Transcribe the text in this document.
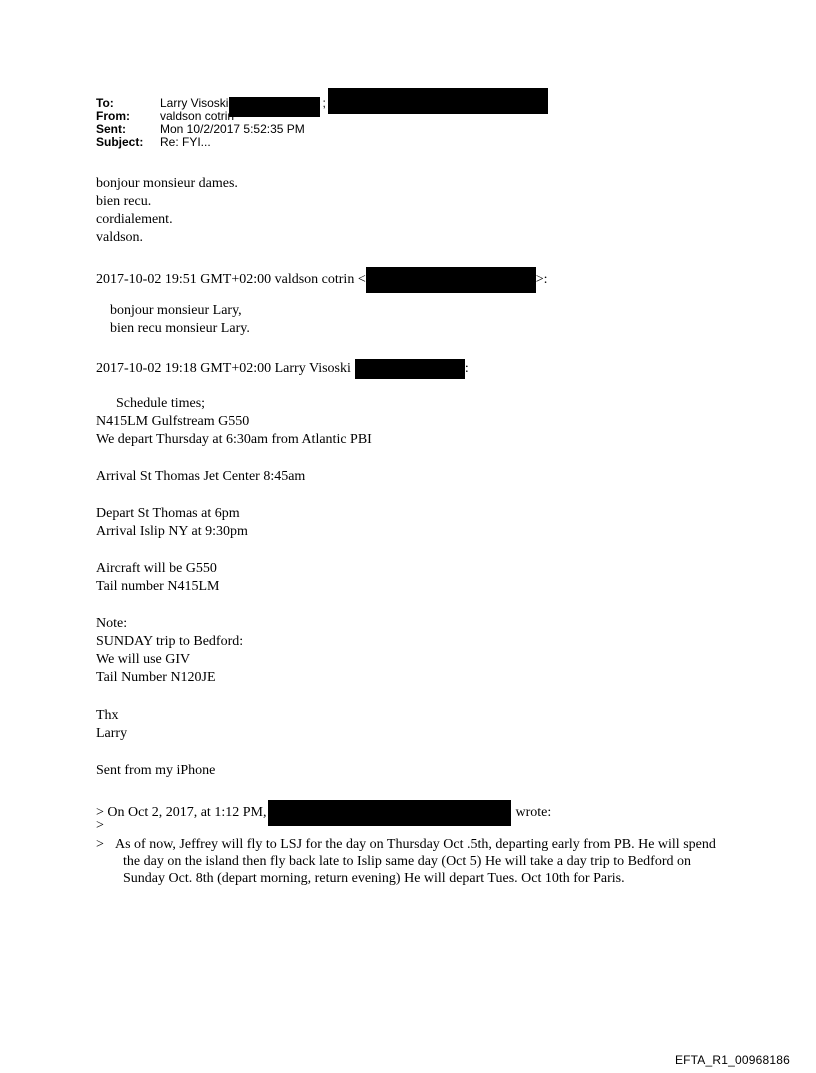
To:	Larry Visoski	;
From:	valdson cotrin
Sent:	Mon 10/2/2017 5:52:35 PM
Subject:	Re: FYI...
bonjour monsieur dames.
bien recu.
cordialement.
valdson.
2017-10-02 19:51 GMT+02:00 valdson cotrin <	>:
bonjour monsieur Lary,
bien recu monsieur Lary.
2017-10-02 19:18 GMT+02:00 Larry Visoski	:
Schedule times;
N415LM Gulfstream G550
We depart Thursday at 6:30am from Atlantic PBI
Arrival St Thomas Jet Center 8:45am
Depart St Thomas at 6pm
Arrival Islip NY at 9:30pm
Aircraft will be G550
Tail number N415LM
Note:
SUNDAY trip to Bedford:
We will use GIV
Tail Number N120JE
Thx
Larry
Sent from my iPhone
> On Oct 2, 2017, at 1:12 PM,	wrote:
>
> As of now, Jeffrey will fly to LSJ for the day on Thursday Oct .5th, departing early from PB. He will spend the day on the island then fly back late to Islip same day (Oct 5) He will take a day trip to Bedford on Sunday Oct. 8th (depart morning, return evening) He will depart Tues. Oct 10th for Paris.
EFTA_R1_00968186
